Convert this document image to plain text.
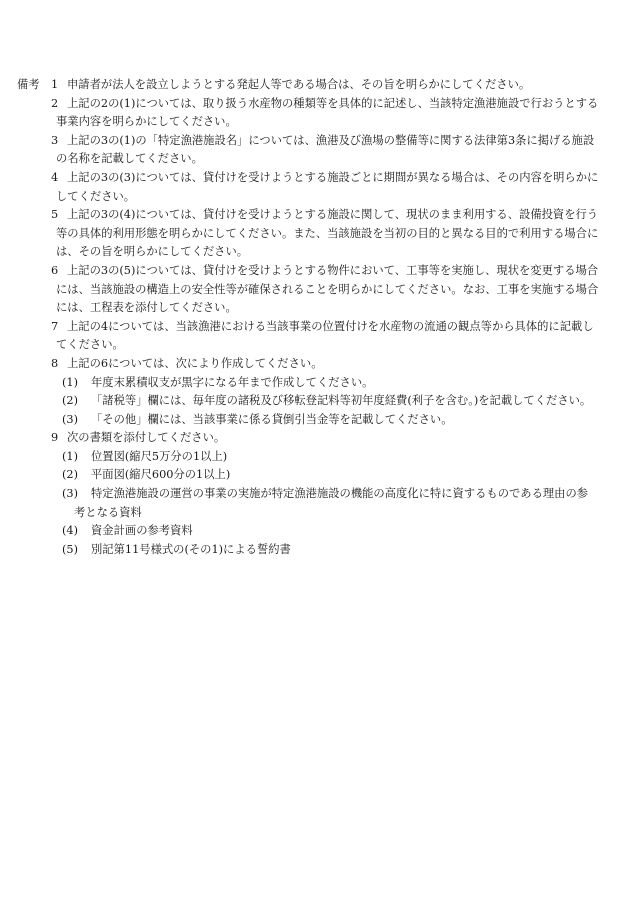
備考 1 申請者が法人を設立しようとする発起人等である場合は、その旨を明らかにしてください。
2 上記の2の(1)については、取り扱う水産物の種類等を具体的に記述し、当該特定漁港施設で行おうとする
事業内容を明らかにしてください。
3 上記の3の(1)の「特定漁港施設名」については、漁港及び漁場の整備等に関する法律第3条に掲げる施設
の名称を記載してください。
4 上記の3の(3)については、貸付けを受けようとする施設ごとに期間が異なる場合は、その内容を明らかに
してください。
5 上記の3の(4)については、貸付けを受けようとする施設に関して、現状のまま利用する、設備投資を行う
等の具体的利用形態を明らかにしてください。また、当該施設を当初の目的と異なる目的で利用する場合に
は、その旨を明らかにしてください。
6 上記の3の(5)については、貸付けを受けようとする物件において、工事等を実施し、現状を変更する場合
には、当該施設の構造上の安全性等が確保されることを明らかにしてください。なお、工事を実施する場合
には、工程表を添付してください。
7 上記の4については、当該漁港における当該事業の位置付けを水産物の流通の観点等から具体的に記載し
てください。
8 上記の6については、次により作成してください。
(1) 年度末累積収支が黒字になる年まで作成してください。
(2) 「諸税等」欄には、毎年度の諸税及び移転登記料等初年度経費(利子を含む。)を記載してください。
(3) 「その他」欄には、当該事業に係る貸倒引当金等を記載してください。
9 次の書類を添付してください。
(1) 位置図(縮尺5万分の1以上)
(2) 平面図(縮尺600分の1以上)
(3) 特定漁港施設の運営の事業の実施が特定漁港施設の機能の高度化に特に資するものである理由の参
考となる資料
(4) 資金計画の参考資料
(5) 別記第11号様式の(その1)による誓約書
